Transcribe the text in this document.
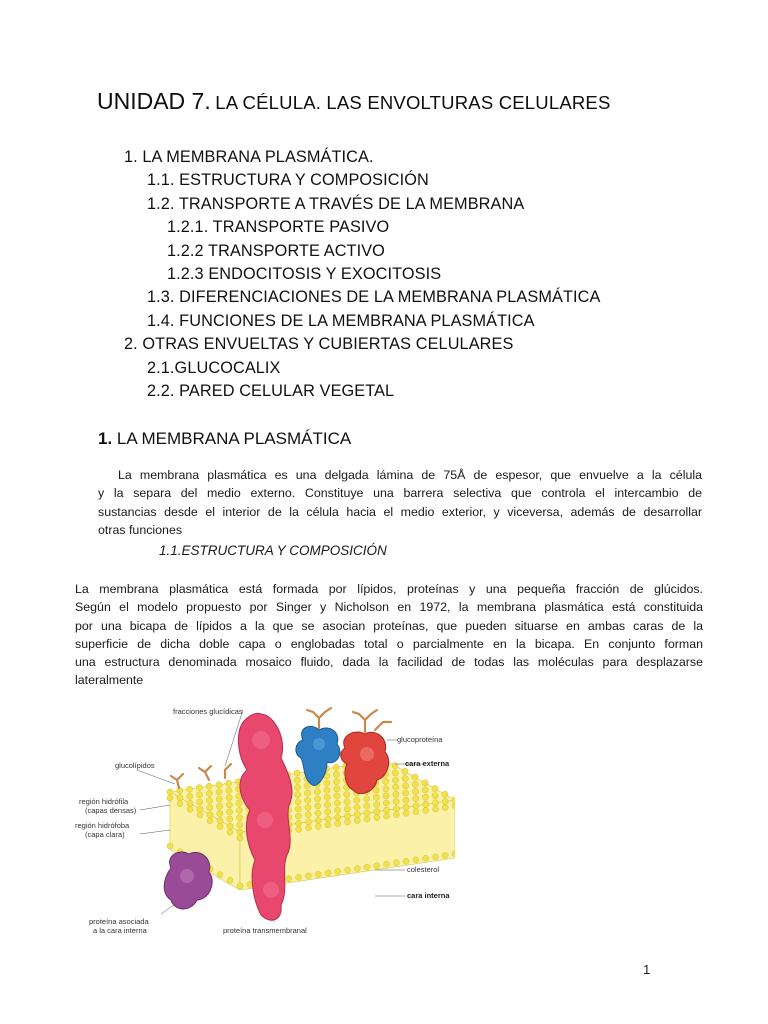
UNIDAD 7. LA CÉLULA. LAS ENVOLTURAS CELULARES
1. LA MEMBRANA PLASMÁTICA.
1.1. ESTRUCTURA Y COMPOSICIÓN
1.2. TRANSPORTE A TRAVÉS DE LA MEMBRANA
1.2.1. TRANSPORTE PASIVO
1.2.2 TRANSPORTE ACTIVO
1.2.3 ENDOCITOSIS Y EXOCITOSIS
1.3. DIFERENCIACIONES DE LA MEMBRANA PLASMÁTICA
1.4. FUNCIONES DE LA MEMBRANA PLASMÁTICA
2. OTRAS ENVUELTAS Y CUBIERTAS CELULARES
2.1.GLUCOCALIX
2.2. PARED CELULAR VEGETAL
1. LA MEMBRANA PLASMÁTICA
La membrana plasmática es una delgada lámina de 75Å de espesor, que envuelve a la célula
y la separa del medio externo. Constituye una barrera selectiva que controla el intercambio de
sustancias desde el interior de la célula hacia el medio exterior, y viceversa, además de desarrollar
otras funciones
1.1.ESTRUCTURA Y COMPOSICIÓN
La membrana plasmática está formada por lípidos, proteínas y una pequeña fracción de glúcidos.
Según el modelo propuesto por Singer y Nicholson en 1972, la membrana plasmática está constituida
por una bicapa de lípidos a la que se asocian proteínas, que pueden situarse en ambas caras de la
superficie de dicha doble capa o englobadas total o parcialmente en la bicapa. En conjunto forman
una estructura denominada mosaico fluido, dada la facilidad de todas las moléculas para desplazarse
lateralmente
fracciones glucídicas
glucolípidos
glucoproteína
cara externa
región hidrófila
(capas densas)
región hidrófoba
(capa clara)
colesterol
cara interna
proteína asociada
a la cara interna	proteína transmembranal
1
